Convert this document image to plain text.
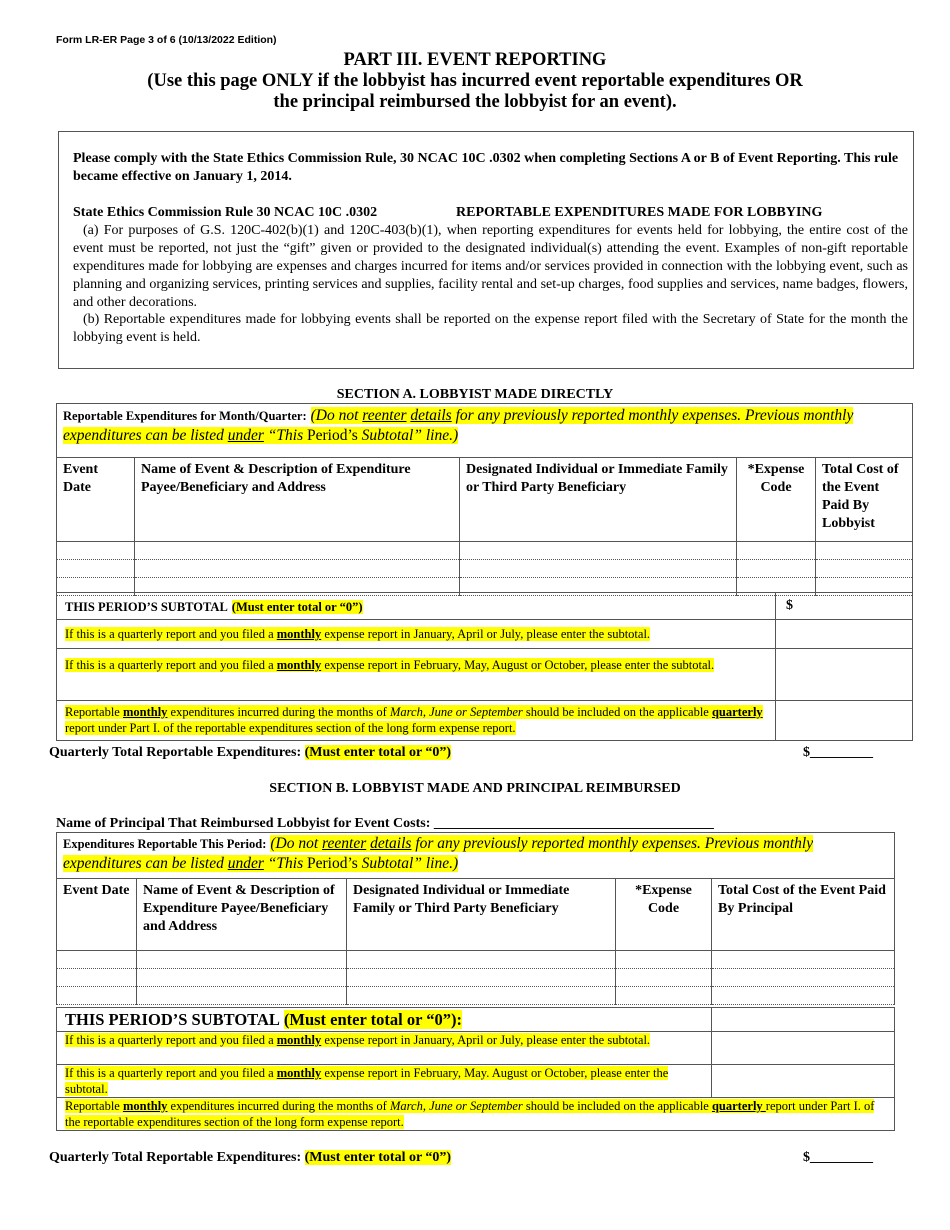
Form LR-ER Page 3 of 6 (10/13/2022 Edition)
PART III. EVENT REPORTING
(Use this page ONLY if the lobbyist has incurred event reportable expenditures OR
the principal reimbursed the lobbyist for an event).
Please comply with the State Ethics Commission Rule, 30 NCAC 10C .0302 when completing Sections A or B of Event Reporting. This rule became effective on January 1, 2014.
State Ethics Commission Rule 30 NCAC 10C .0302	REPORTABLE EXPENDITURES MADE FOR LOBBYING
(a) For purposes of G.S. 120C-402(b)(1) and 120C-403(b)(1), when reporting expenditures for events held for lobbying, the entire cost of the event must be reported, not just the “gift” given or provided to the designated individual(s) attending the event. Examples of non-gift reportable expenditures made for lobbying are expenses and charges incurred for items and/or services provided in connection with the lobbying event, such as planning and organizing services, printing services and supplies, facility rental and set-up charges, food supplies and services, name badges, flowers, and other decorations.
(b) Reportable expenditures made for lobbying events shall be reported on the expense report filed with the Secretary of State for the month the lobbying event is held.
SECTION A. LOBBYIST MADE DIRECTLY
Reportable Expenditures for Month/Quarter: (Do not reenter details for any previously reported monthly expenses. Previous monthly expenditures can be listed under “This Period’s Subtotal” line.)				
Event Date	Name of Event & Description of Expenditure Payee/Beneficiary and Address	Designated Individual or Immediate Family or Third Party Beneficiary	*Expense Code	Total Cost of the Event Paid By Lobbyist

THIS PERIOD’S SUBTOTAL (Must enter total or “0”)	$
If this is a quarterly report and you filed a monthly expense report in January, April or July, please enter the subtotal.	
If this is a quarterly report and you filed a monthly expense report in February, May, August or October, please enter the subtotal.	
Reportable monthly expenditures incurred during the months of March, June or September should be included on the applicable quarterly report under Part I. of the reportable expenditures section of the long form expense report.	
Quarterly Total Reportable Expenditures: (Must enter total or “0”)	$_________
SECTION B. LOBBYIST MADE AND PRINCIPAL REIMBURSED
Name of Principal That Reimbursed Lobbyist for Event Costs: ________________________________________
Expenditures Reportable This Period: (Do not reenter details for any previously reported monthly expenses. Previous monthly expenditures can be listed under “This Period’s Subtotal” line.)				
Event Date	Name of Event & Description of Expenditure Payee/Beneficiary and Address	Designated Individual or Immediate Family or Third Party Beneficiary	*Expense Code	Total Cost of the Event Paid By Principal

THIS PERIOD’S SUBTOTAL (Must enter total or “0”):	
If this is a quarterly report and you filed a monthly expense report in January, April or July, please enter the subtotal.	
If this is a quarterly report and you filed a monthly expense report in February, May. August or October, please enter the subtotal.	
Reportable monthly expenditures incurred during the months of March, June or September should be included on the applicable quarterly report under Part I. of the reportable expenditures section of the long form expense report.	
Quarterly Total Reportable Expenditures: (Must enter total or “0”)	$_________
